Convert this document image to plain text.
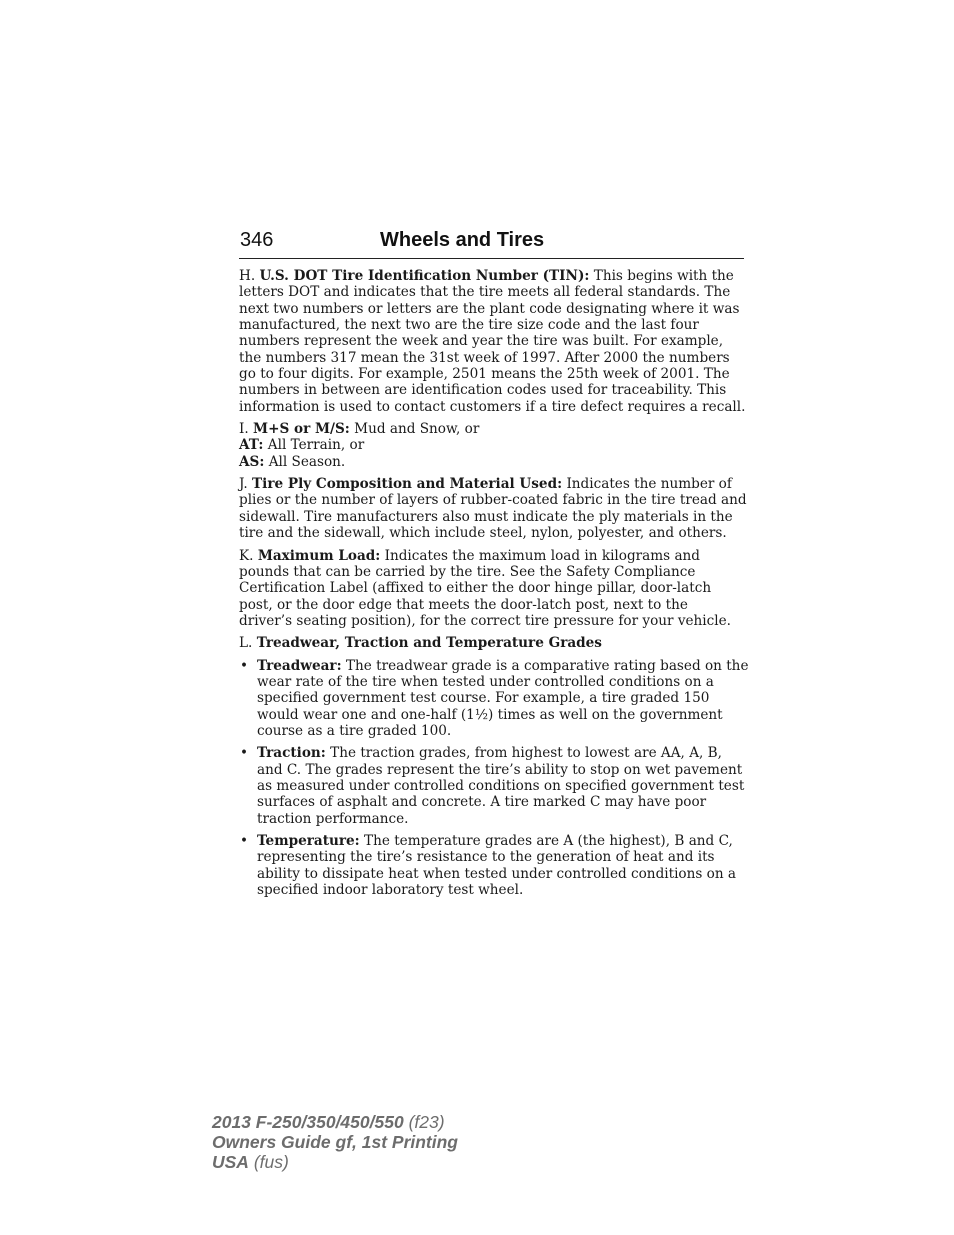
346	Wheels and Tires
H. U.S. DOT Tire Identification Number (TIN): This begins with the
letters DOT and indicates that the tire meets all federal standards. The
next two numbers or letters are the plant code designating where it was
manufactured, the next two are the tire size code and the last four
numbers represent the week and year the tire was built. For example,
the numbers 317 mean the 31st week of 1997. After 2000 the numbers
go to four digits. For example, 2501 means the 25th week of 2001. The
numbers in between are identification codes used for traceability. This
information is used to contact customers if a tire defect requires a recall.
I. M+S or M/S: Mud and Snow, or
AT: All Terrain, or
AS: All Season.
J. Tire Ply Composition and Material Used: Indicates the number of
plies or the number of layers of rubber-coated fabric in the tire tread and
sidewall. Tire manufacturers also must indicate the ply materials in the
tire and the sidewall, which include steel, nylon, polyester, and others.
K. Maximum Load: Indicates the maximum load in kilograms and
pounds that can be carried by the tire. See the Safety Compliance
Certification Label (affixed to either the door hinge pillar, door-latch
post, or the door edge that meets the door-latch post, next to the
driver’s seating position), for the correct tire pressure for your vehicle.
L. Treadwear, Traction and Temperature Grades
• Treadwear: The treadwear grade is a comparative rating based on the
wear rate of the tire when tested under controlled conditions on a
specified government test course. For example, a tire graded 150
would wear one and one-half (1½) times as well on the government
course as a tire graded 100.
• Traction: The traction grades, from highest to lowest are AA, A, B,
and C. The grades represent the tire’s ability to stop on wet pavement
as measured under controlled conditions on specified government test
surfaces of asphalt and concrete. A tire marked C may have poor
traction performance.
• Temperature: The temperature grades are A (the highest), B and C,
representing the tire’s resistance to the generation of heat and its
ability to dissipate heat when tested under controlled conditions on a
specified indoor laboratory test wheel.
2013 F-250/350/450/550 (f23)
Owners Guide gf, 1st Printing
USA (fus)
